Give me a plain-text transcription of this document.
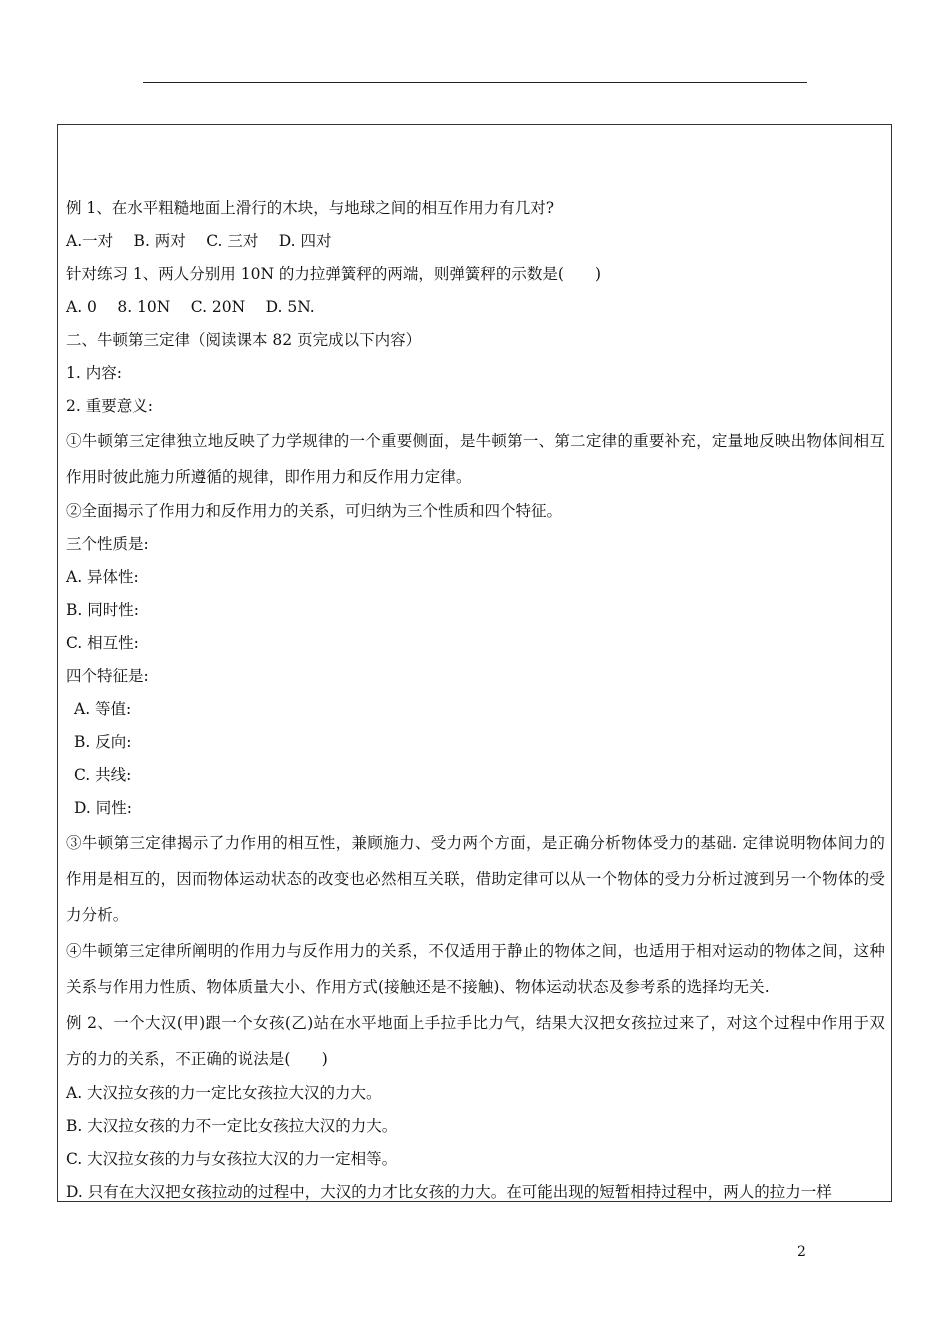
例 1、在水平粗糙地面上滑行的木块，与地球之间的相互作用力有几对?
A.一对　 B. 两对　 C. 三对　 D. 四对
针对练习 1、两人分别用 10N 的力拉弹簧秤的两端，则弹簧秤的示数是(　　)
A. 0　 8. 10N　 C. 20N　 D. 5N.
二、牛顿第三定律（阅读课本 82 页完成以下内容）
1. 内容:
2. 重要意义:
①牛顿第三定律独立地反映了力学规律的一个重要侧面，是牛顿第一、第二定律的重要补充，定量地反映出物体间相互作用时彼此施力所遵循的规律，即作用力和反作用力定律。
②全面揭示了作用力和反作用力的关系，可归纳为三个性质和四个特征。
三个性质是:
A. 异体性:
B. 同时性:
C. 相互性:
四个特征是:
A. 等值:
B. 反向:
C. 共线:
D. 同性:
③牛顿第三定律揭示了力作用的相互性，兼顾施力、受力两个方面，是正确分析物体受力的基础. 定律说明物体间力的作用是相互的，因而物体运动状态的改变也必然相互关联，借助定律可以从一个物体的受力分析过渡到另一个物体的受力分析。
④牛顿第三定律所阐明的作用力与反作用力的关系，不仅适用于静止的物体之间，也适用于相对运动的物体之间，这种关系与作用力性质、物体质量大小、作用方式(接触还是不接触)、物体运动状态及参考系的选择均无关.
例 2、一个大汉(甲)跟一个女孩(乙)站在水平地面上手拉手比力气，结果大汉把女孩拉过来了，对这个过程中作用于双方的力的关系，不正确的说法是(　　)
A. 大汉拉女孩的力一定比女孩拉大汉的力大。
B. 大汉拉女孩的力不一定比女孩拉大汉的力大。
C. 大汉拉女孩的力与女孩拉大汉的力一定相等。
D. 只有在大汉把女孩拉动的过程中，大汉的力才比女孩的力大。在可能出现的短暂相持过程中，两人的拉力一样
2
